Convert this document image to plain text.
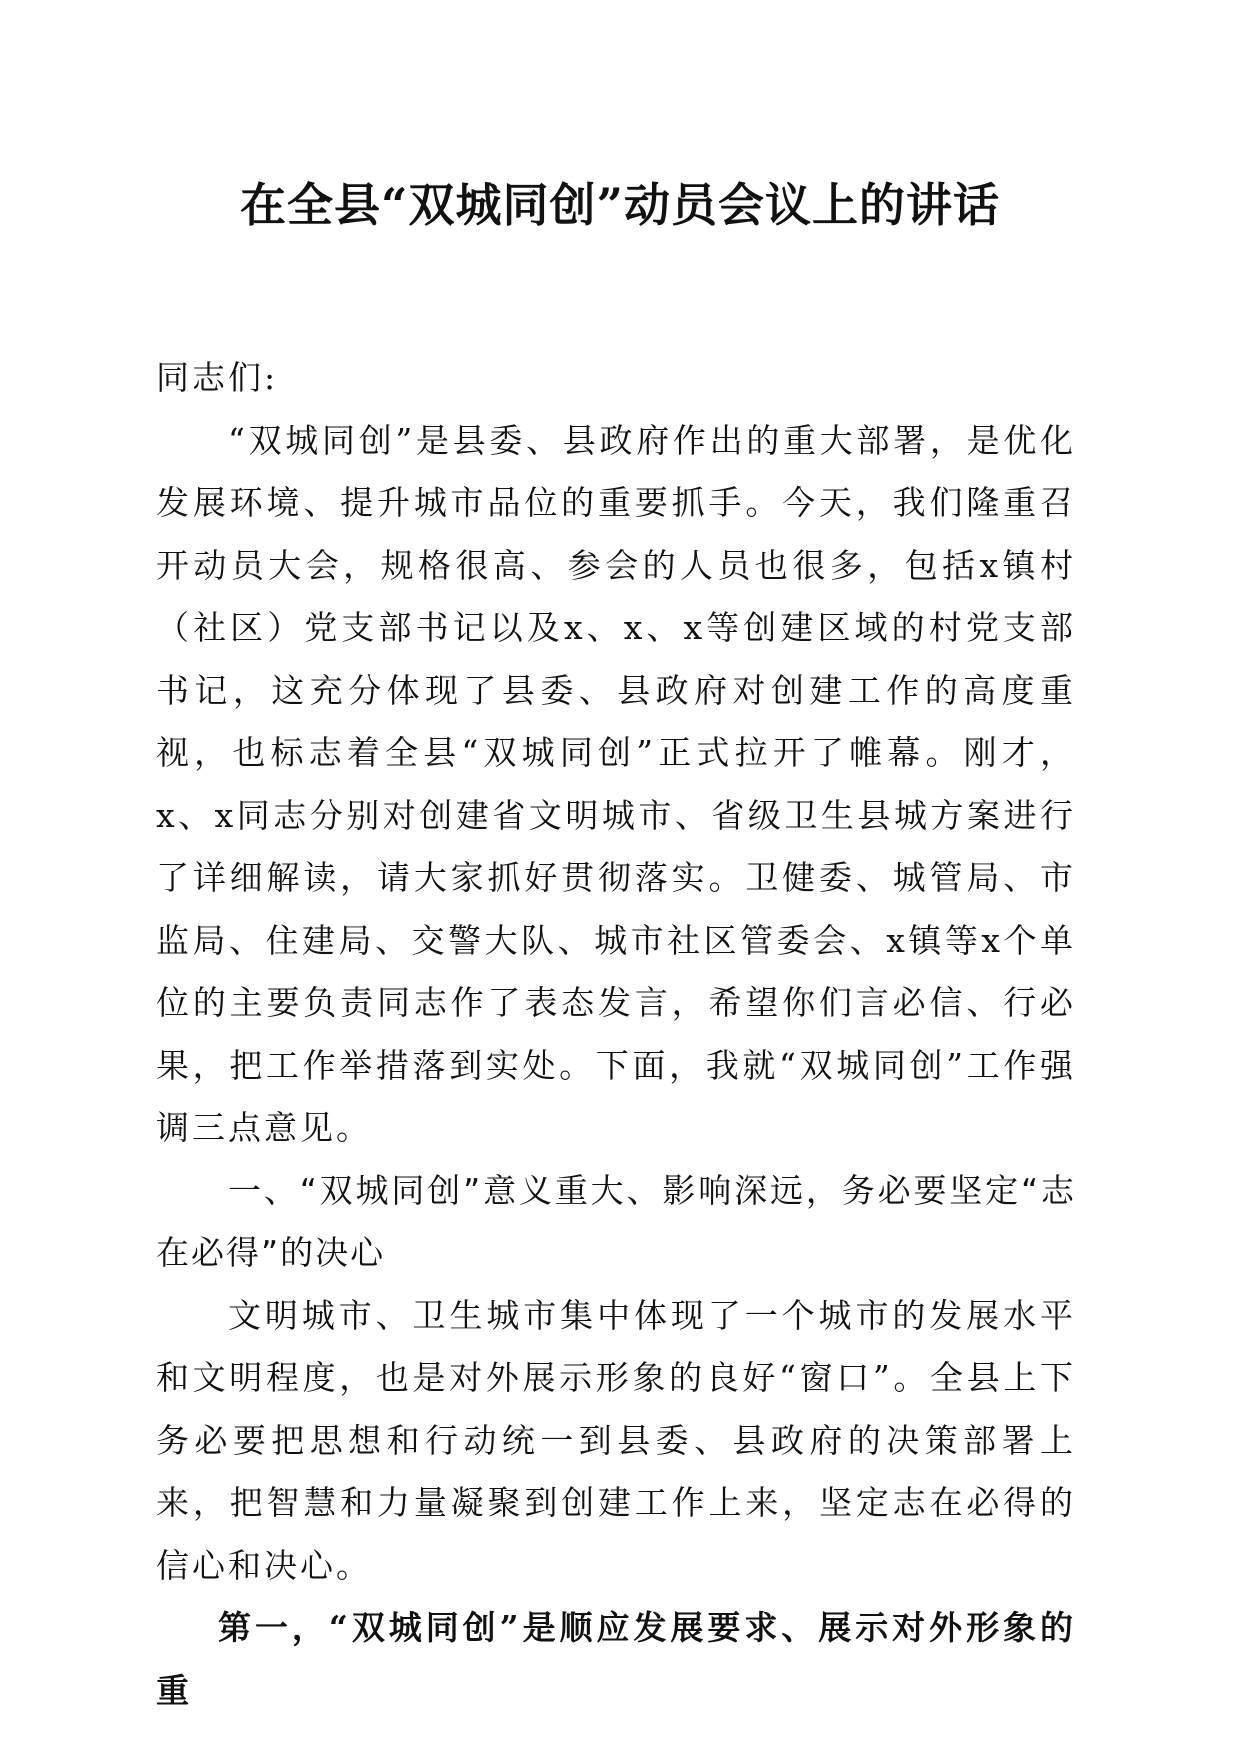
在全县“双城同创”动员会议上的讲话

同志们:

“双城同创”是县委、县政府作出的重大部署，是优化发展环境、提升城市品位的重要抓手。今天，我们隆重召开动员大会，规格很高、参会的人员也很多，包括x镇村（社区）党支部书记以及x、x、x等创建区域的村党支部书记，这充分体现了县委、县政府对创建工作的高度重视，也标志着全县“双城同创”正式拉开了帷幕。刚才，x、x同志分别对创建省文明城市、省级卫生县城方案进行了详细解读，请大家抓好贯彻落实。卫健委、城管局、市监局、住建局、交警大队、城市社区管委会、x镇等x个单位的主要负责同志作了表态发言，希望你们言必信、行必果，把工作举措落到实处。下面，我就“双城同创”工作强调三点意见。

一、“双城同创”意义重大、影响深远，务必要坚定“志在必得”的决心

文明城市、卫生城市集中体现了一个城市的发展水平和文明程度，也是对外展示形象的良好“窗口”。全县上下务必要把思想和行动统一到县委、县政府的决策部署上来，把智慧和力量凝聚到创建工作上来，坚定志在必得的信心和决心。

第一，“双城同创”是顺应发展要求、展示对外形象的重
